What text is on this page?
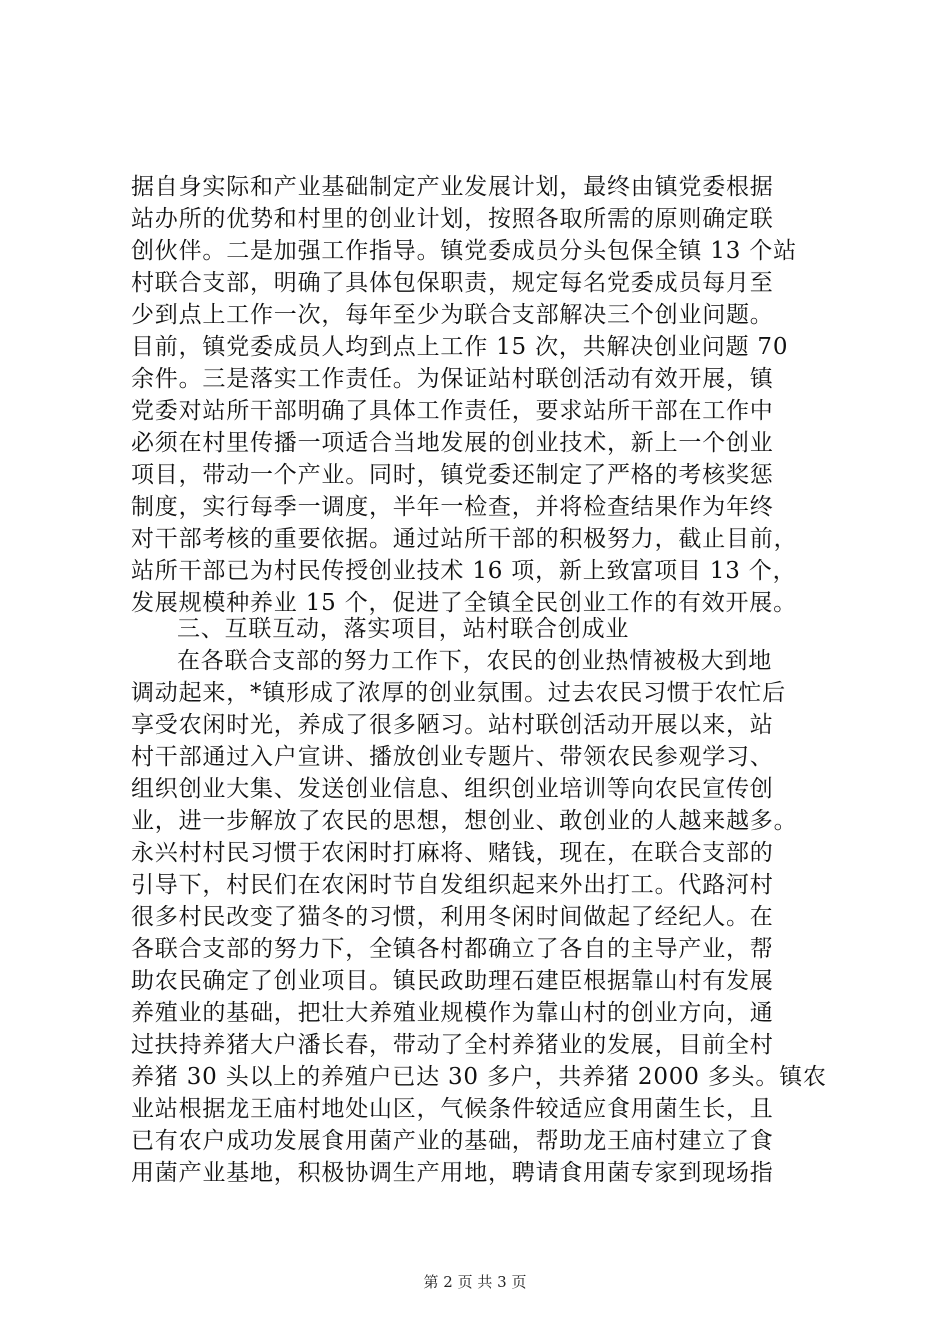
据自身实际和产业基础制定产业发展计划，最终由镇党委根据
站办所的优势和村里的创业计划，按照各取所需的原则确定联
创伙伴。二是加强工作指导。镇党委成员分头包保全镇 13 个站
村联合支部，明确了具体包保职责，规定每名党委成员每月至
少到点上工作一次，每年至少为联合支部解决三个创业问题。
目前，镇党委成员人均到点上工作 15 次，共解决创业问题 70
余件。三是落实工作责任。为保证站村联创活动有效开展，镇
党委对站所干部明确了具体工作责任，要求站所干部在工作中
必须在村里传播一项适合当地发展的创业技术，新上一个创业
项目，带动一个产业。同时，镇党委还制定了严格的考核奖惩
制度，实行每季一调度，半年一检查，并将检查结果作为年终
对干部考核的重要依据。通过站所干部的积极努力，截止目前，
站所干部已为村民传授创业技术 16 项，新上致富项目 13 个，
发展规模种养业 15 个，促进了全镇全民创业工作的有效开展。
三、互联互动，落实项目，站村联合创成业
在各联合支部的努力工作下，农民的创业热情被极大到地
调动起来，*镇形成了浓厚的创业氛围。过去农民习惯于农忙后
享受农闲时光，养成了很多陋习。站村联创活动开展以来，站
村干部通过入户宣讲、播放创业专题片、带领农民参观学习、
组织创业大集、发送创业信息、组织创业培训等向农民宣传创
业，进一步解放了农民的思想，想创业、敢创业的人越来越多。
永兴村村民习惯于农闲时打麻将、赌钱，现在，在联合支部的
引导下，村民们在农闲时节自发组织起来外出打工。代路河村
很多村民改变了猫冬的习惯，利用冬闲时间做起了经纪人。在
各联合支部的努力下，全镇各村都确立了各自的主导产业，帮
助农民确定了创业项目。镇民政助理石建臣根据靠山村有发展
养殖业的基础，把壮大养殖业规模作为靠山村的创业方向，通
过扶持养猪大户潘长春，带动了全村养猪业的发展，目前全村
养猪 30 头以上的养殖户已达 30 多户，共养猪 2000 多头。镇农
业站根据龙王庙村地处山区，气候条件较适应食用菌生长，且
已有农户成功发展食用菌产业的基础，帮助龙王庙村建立了食
用菌产业基地，积极协调生产用地，聘请食用菌专家到现场指
第 2 页 共 3 页
